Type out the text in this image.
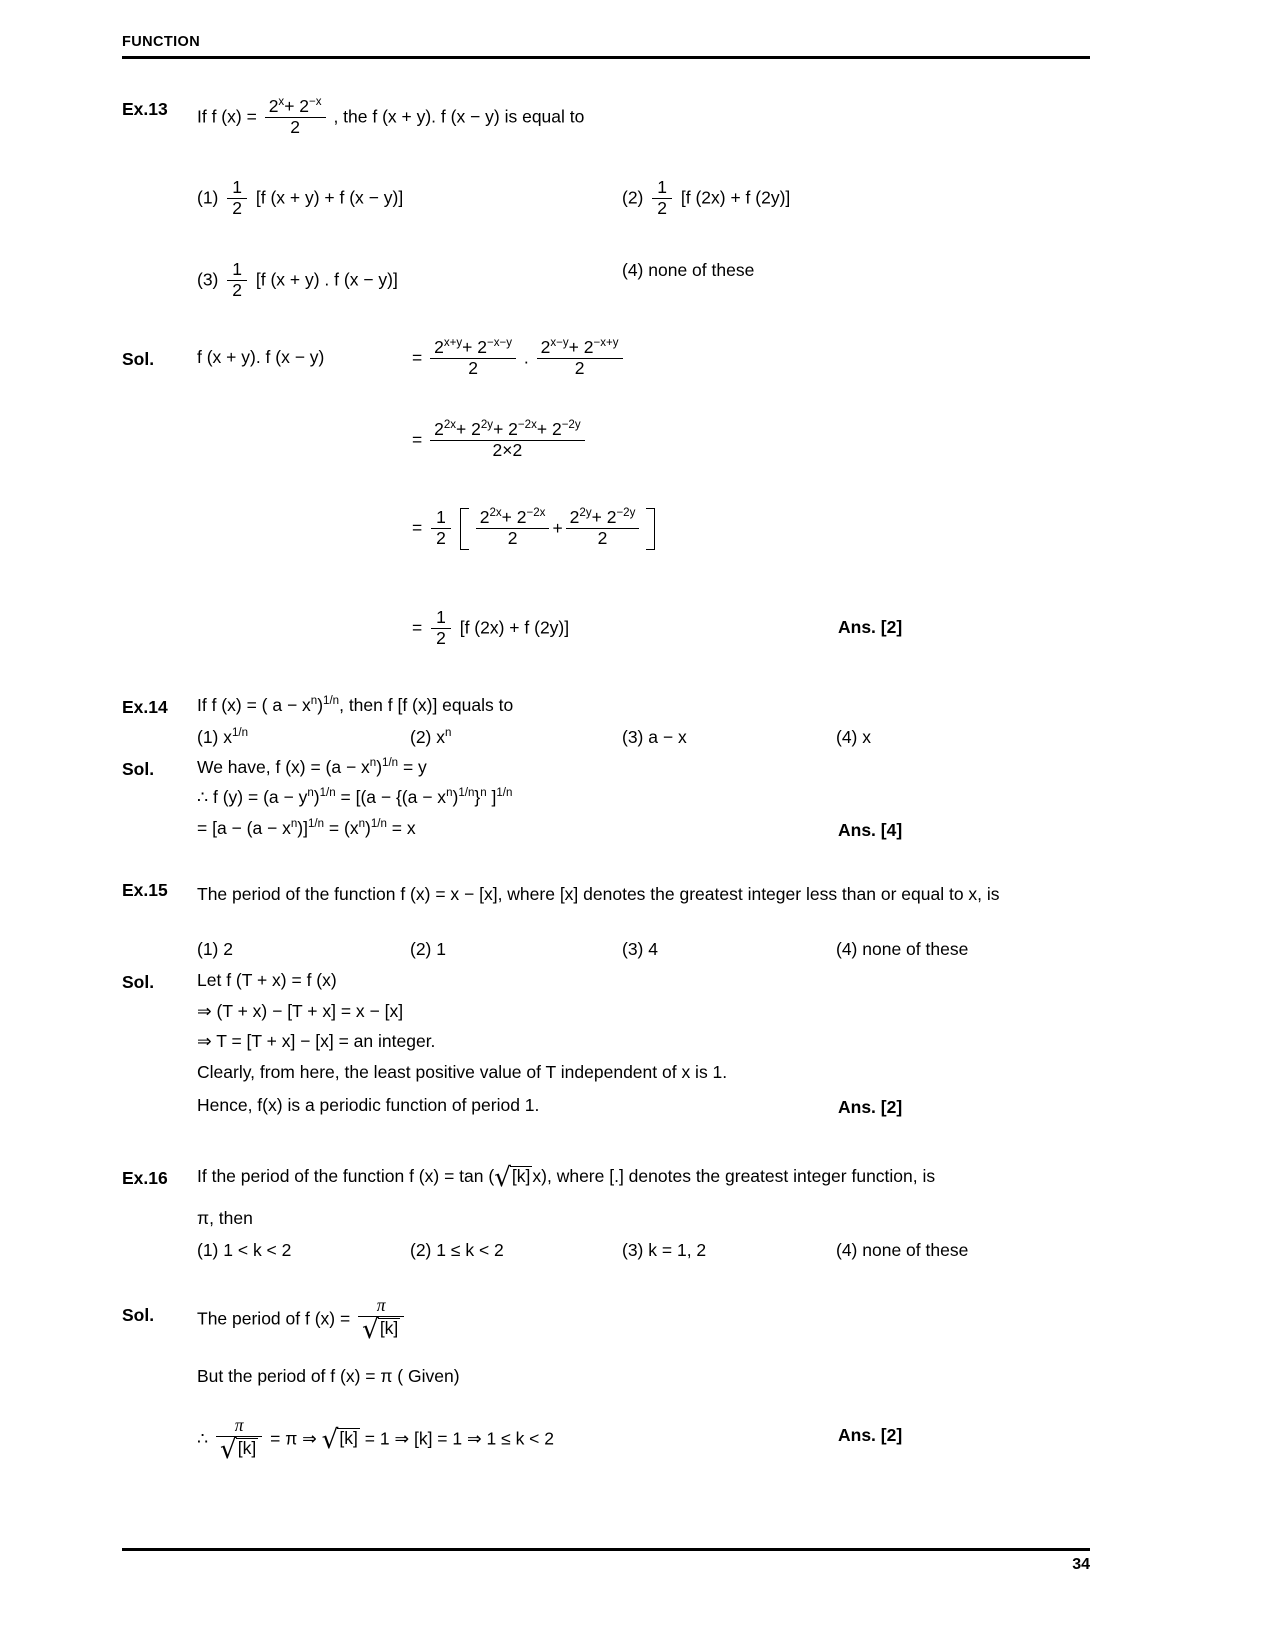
FUNCTION
Ex.13 If f $(x) = \frac{2^x+ 2^{-x}}{2}$ , the f (x + y). f (x − y) is equal to
$(1) \frac{1}{2} [f$ (x + y) + f (x − y)]	$(2) \frac{1}{2} [f$ (2x) + f (2y)]
$(3) \frac{1}{2} [f$ (x + y) . f (x − y)]	(4) none of these
Sol. f (x + y). f (x − y)	= $\frac{2^{x+y}+ 2^{-x-y}}{2}$ . $\frac{2^{x-y}+ 2^{-x+y}}{2}$
= $\frac{2^{2x}+ 2^{2y}+ 2^{-2x}+ 2^{-2y}}{2\times 2}$
= $\frac{1}{2}$
$\frac{2^{2x}+ 2^{-2x}}{2} + \frac{2^{2y}+ 2^{-2y}}{2}$
= $\frac{1}{2} [f$ (2x) + f (2y)]	Ans. [2]
Ex.14 If f (x) = ( $a - x^n)^{1/n}$, then f [f (x)] equals to
(1) $x^{1/n}$	(2) $x^n$	(3) a − x	(4) x
Sol. We have, f $(x) = (a - x^n)^{1/n} = y$
∴ f $(y) = (a - y^n)^{1/n} = [(a - \{(a - x^n)^{1/n}\}^n$ ]$^{1/n}$
= $[a - (a - x^n)]^{1/n} = (x^n)^{1/n} = x$	Ans. [4]
Ex.15 The period of the function f (x) = x − [x], where [x] denotes the greatest integer less than or equal to x, is
(1) 2	(2) 1	(3) 4	(4) none of these
Sol. Let f (T + x) = f (x)
⇒ (T + x) − [T + x] = x − [x]
⇒ T = [T + x] − [x] = an integer.
Clearly, from here, the least positive value of T independent of x is 1.
Hence, f(x) is a periodic function of period 1.	Ans. [2]
Ex.16 If the period of the function f (x) = tan (√[k] x), where [.] denotes the greatest integer function, is
π, then
(1) 1 < k < 2	(2) 1 ≤ k < 2	(3) k = 1, 2	(4) none of these
Sol. The period of f $(x) = \frac{\pi}{√[k]}$
But the period of f (x) = π ( Given)
∴ $\frac{\pi}{√[k]} = \pi$ ⇒ √[k] = 1 ⇒ [k] = 1 ⇒ 1 ≤ k < 2	Ans. [2]
34
